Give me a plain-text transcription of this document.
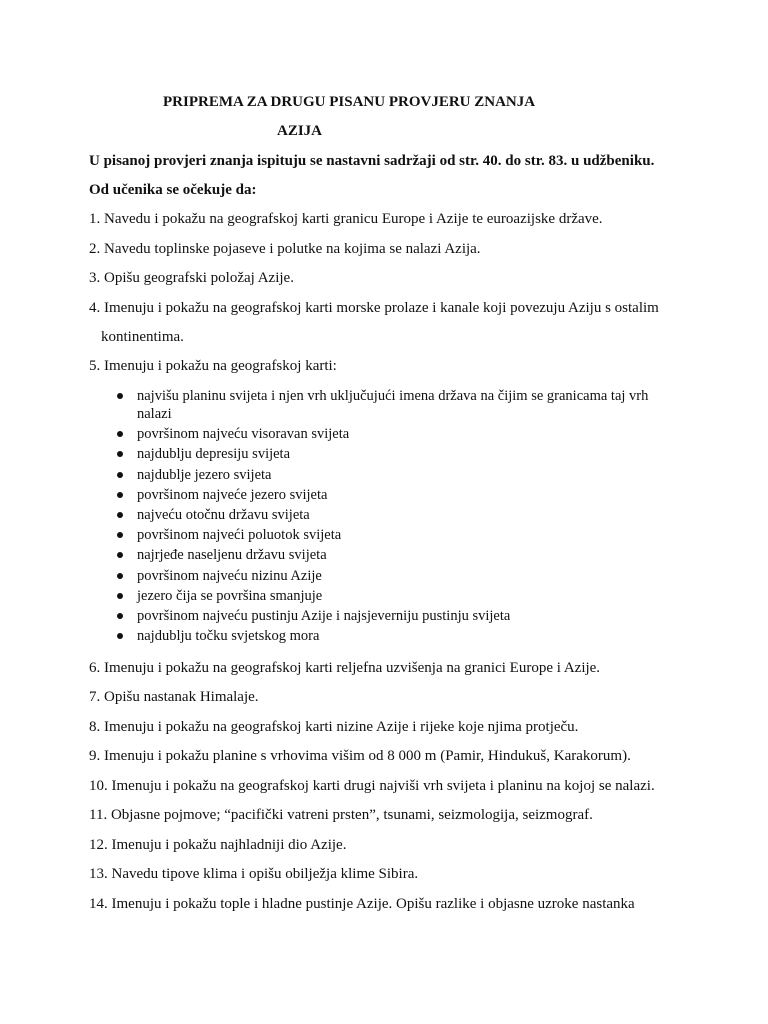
PRIPREMA ZA DRUGU PISANU PROVJERU ZNANJA
AZIJA
U pisanoj provjeri znanja ispituju se nastavni sadržaji od str. 40. do str. 83. u udžbeniku.
Od učenika se očekuje da:
1. Navedu i pokažu na geografskoj karti granicu Europe i Azije te euroazijske države.
2. Navedu toplinske pojaseve i polutke na kojima se nalazi Azija.
3. Opišu geografski položaj Azije.
4. Imenuju i pokažu na geografskoj karti morske prolaze i kanale koji povezuju Aziju s ostalim
kontinentima.
5. Imenuju i pokažu na geografskoj karti:
najvišu planinu svijeta i njen vrh uključujući imena država na čijim se granicama taj vrh nalazi
površinom najveću visoravan svijeta
najdublju depresiju svijeta
najdublje jezero svijeta
površinom najveće jezero svijeta
najveću otočnu državu svijeta
površinom najveći poluotok svijeta
najrjeđe naseljenu državu svijeta
površinom najveću nizinu Azije
jezero čija se površina smanjuje
površinom najveću pustinju Azije i najsjeverniju pustinju svijeta
najdublju točku svjetskog mora
6. Imenuju i pokažu na geografskoj karti reljefna uzvišenja na granici Europe i Azije.
7. Opišu nastanak Himalaje.
8. Imenuju i pokažu na geografskoj karti nizine Azije i rijeke koje njima protječu.
9. Imenuju i pokažu planine s vrhovima višim od 8 000 m (Pamir, Hindukuš, Karakorum).
10. Imenuju i pokažu na geografskoj karti drugi najviši vrh svijeta i planinu na kojoj se nalazi.
11. Objasne pojmove; “pacifički vatreni prsten”, tsunami, seizmologija, seizmograf.
12. Imenuju i pokažu najhladniji dio Azije.
13. Navedu tipove klima i opišu obilježja klime Sibira.
14. Imenuju i pokažu tople i hladne pustinje Azije. Opišu razlike i objasne uzroke nastanka
